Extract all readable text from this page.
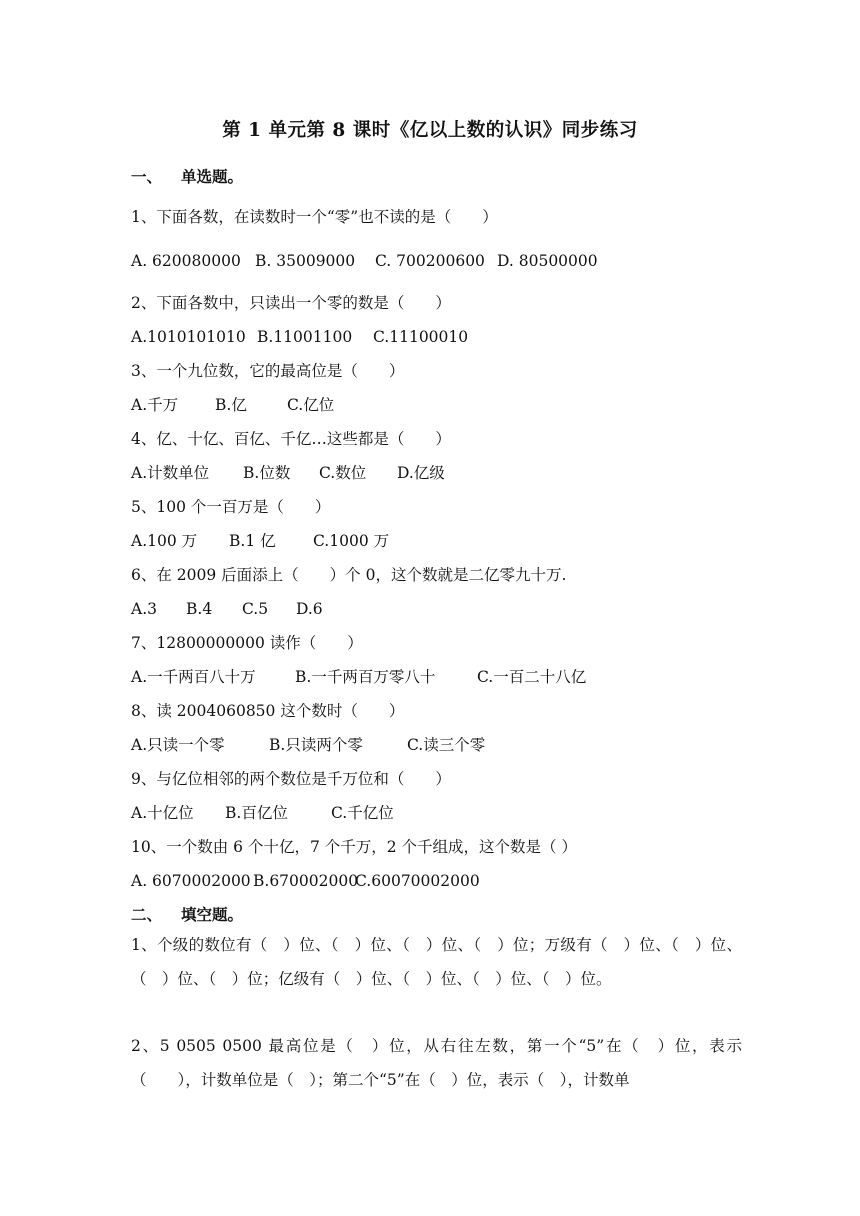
第 1 单元第 8 课时《亿以上数的认识》同步练习
一、 单选题。
1、下面各数，在读数时一个“零”也不读的是（　　）
A. 620080000 B. 35009000 C. 700200600 D. 80500000
2、下面各数中，只读出一个零的数是（　　）
A.1010101010 B.11001100 C.11100010
3、一个九位数，它的最高位是（　　）
A.千万 B.亿	C.亿位
4、亿、十亿、百亿、千亿…这些都是（　　）
A.计数单位 B.位数 C.数位 D.亿级
5、100 个一百万是（　　）
A.100 万 B.1 亿 C.1000 万
6、在 2009 后面添上（　　）个 0，这个数就是二亿零九十万.
A.3 B.4 C.5 D.6
7、12800000000 读作（　　）
A.一千两百八十万	B.一千两百万零八十	C.一百二十八亿
8、读 2004060850 这个数时（　　）
A.只读一个零	B.只读两个零	C.读三个零
9、与亿位相邻的两个数位是千万位和（　　）
A.十亿位 B.百亿位	C.千亿位
10、一个数由 6 个十亿，7 个千万，2 个千组成，这个数是（ ）
A. 6070002000 B.670002000C.60070002000
二、 填空题。
1、个级的数位有（　）位、（　）位、（　）位、（　）位；万级有（　）位、（　）位、（　）位、（　）位；亿级有（　）位、（　）位、（　）位、（　）位。
2、5 0505 0500 最高位是（　）位，从右往左数，第一个“5”在（　）位，表示（　　），计数单位是（　）；第二个“5”在（　）位，表示（　），计数单
